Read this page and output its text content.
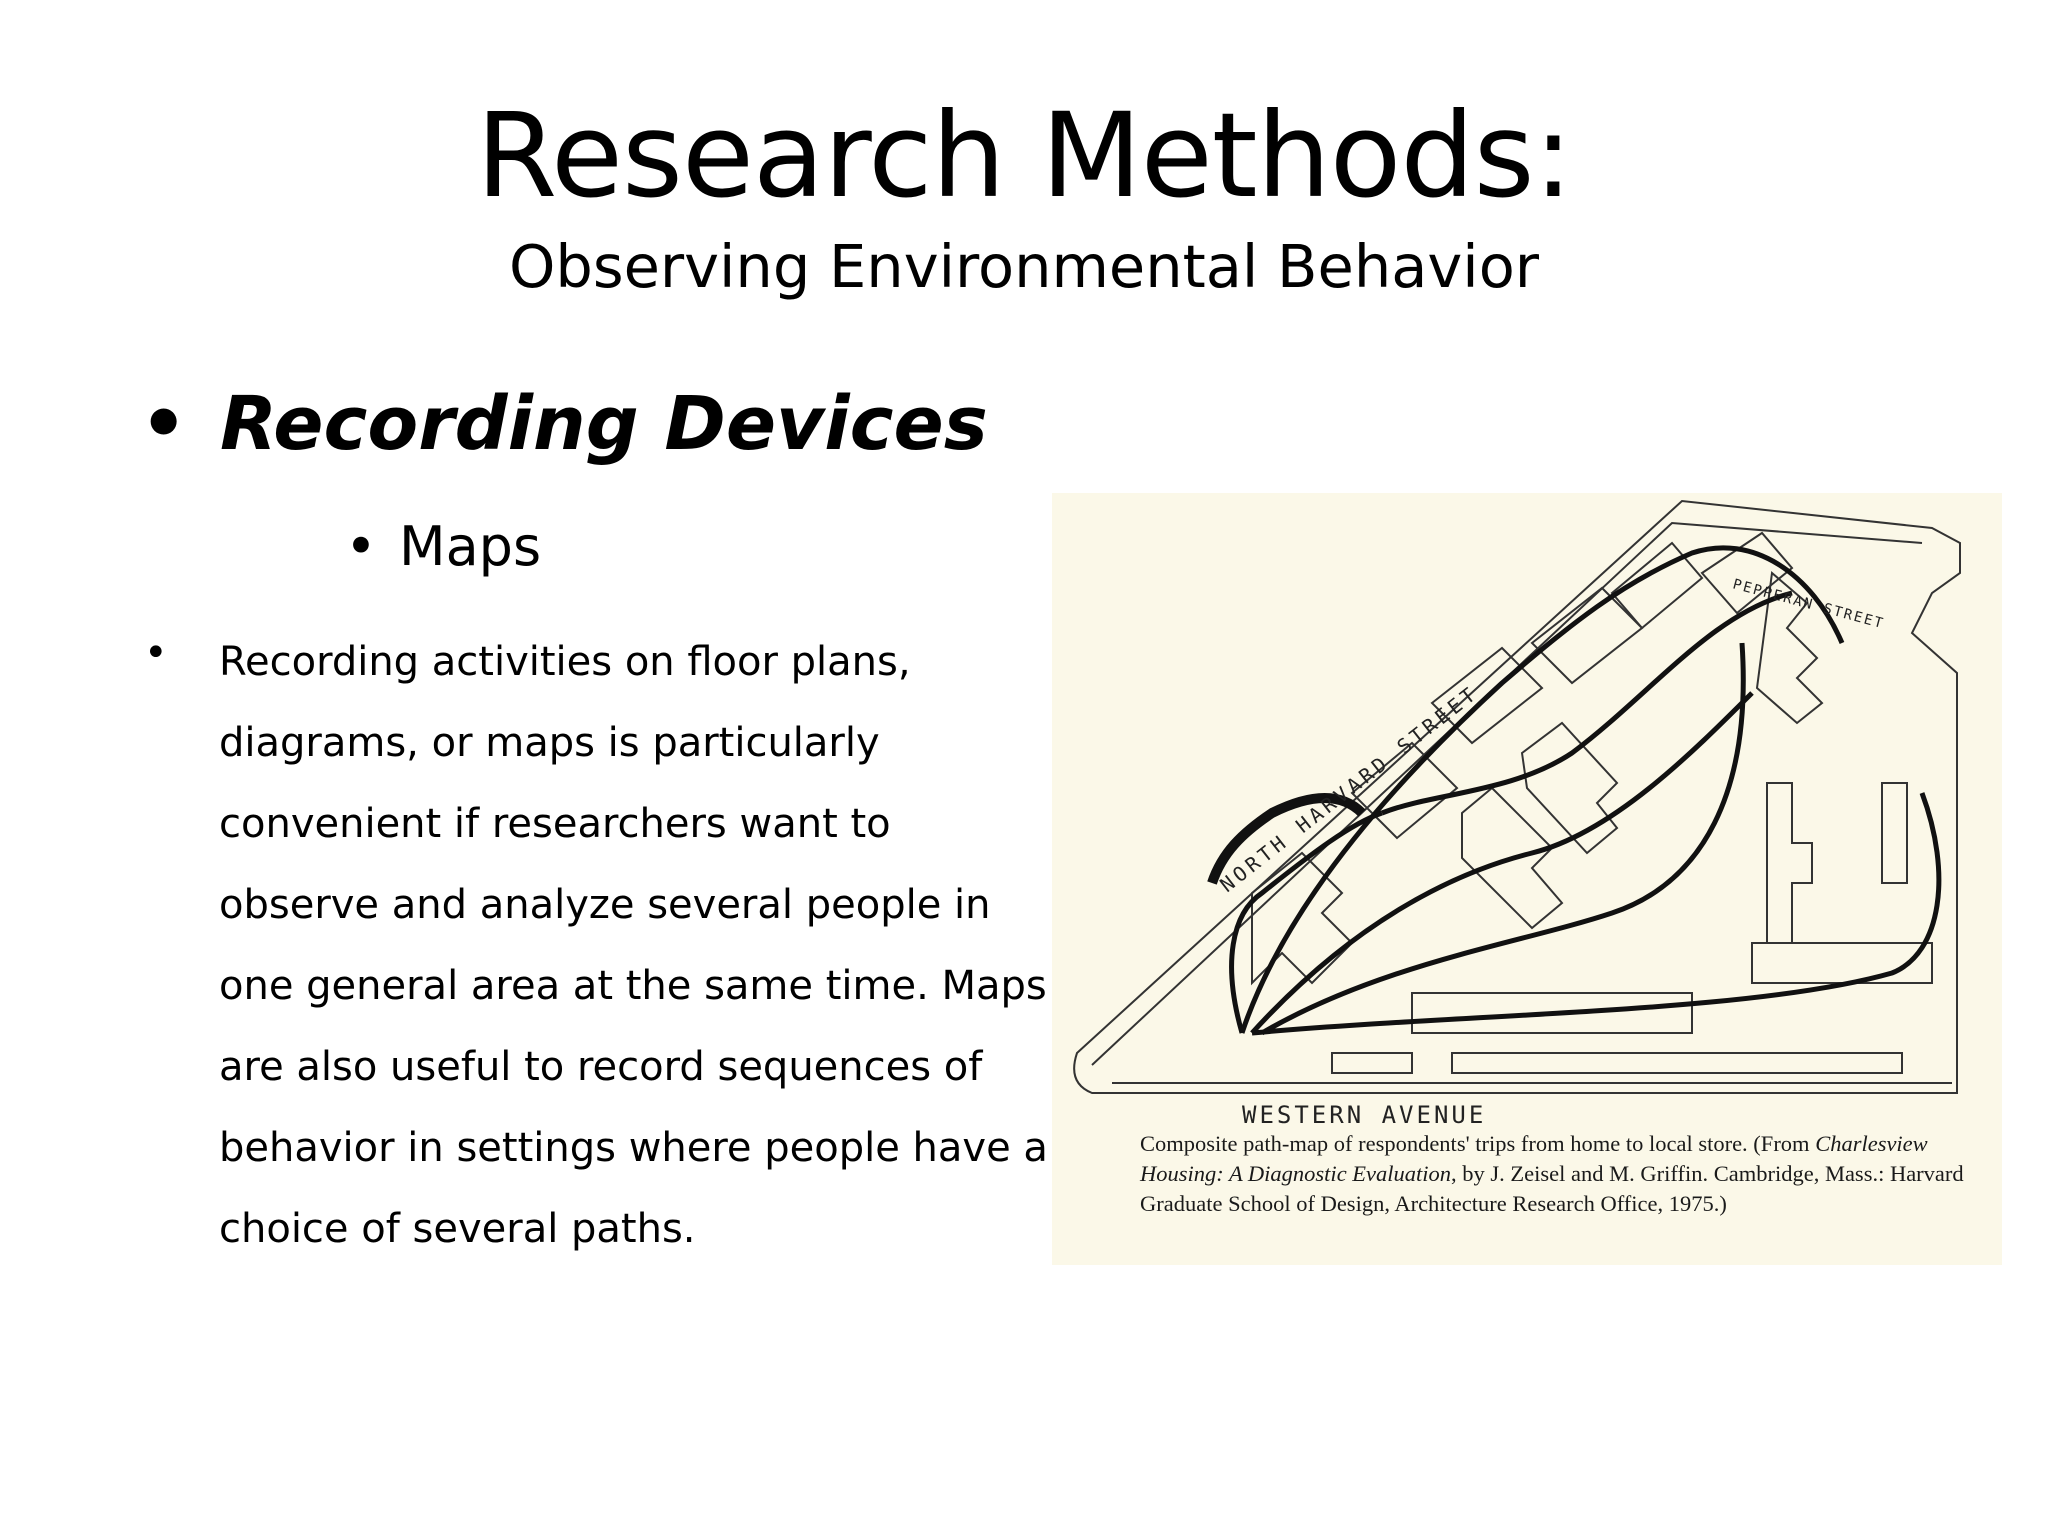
Research Methods:
Observing Environmental Behavior
• Recording Devices
• Maps
• Recording activities on floor plans, diagrams, or maps is particularly convenient if researchers want to observe and analyze several people in one general area at the same time. Maps are also useful to record sequences of behavior in settings where people have a choice of several paths.
NORTH HARVARD STREET
PEPPERAN STREET
WESTERN AVENUE
Composite path-map of respondents' trips from home to local store. (From Charlesview Housing: A Diagnostic Evaluation, by J. Zeisel and M. Griffin. Cambridge, Mass.: Harvard Graduate School of Design, Architecture Research Office, 1975.)
